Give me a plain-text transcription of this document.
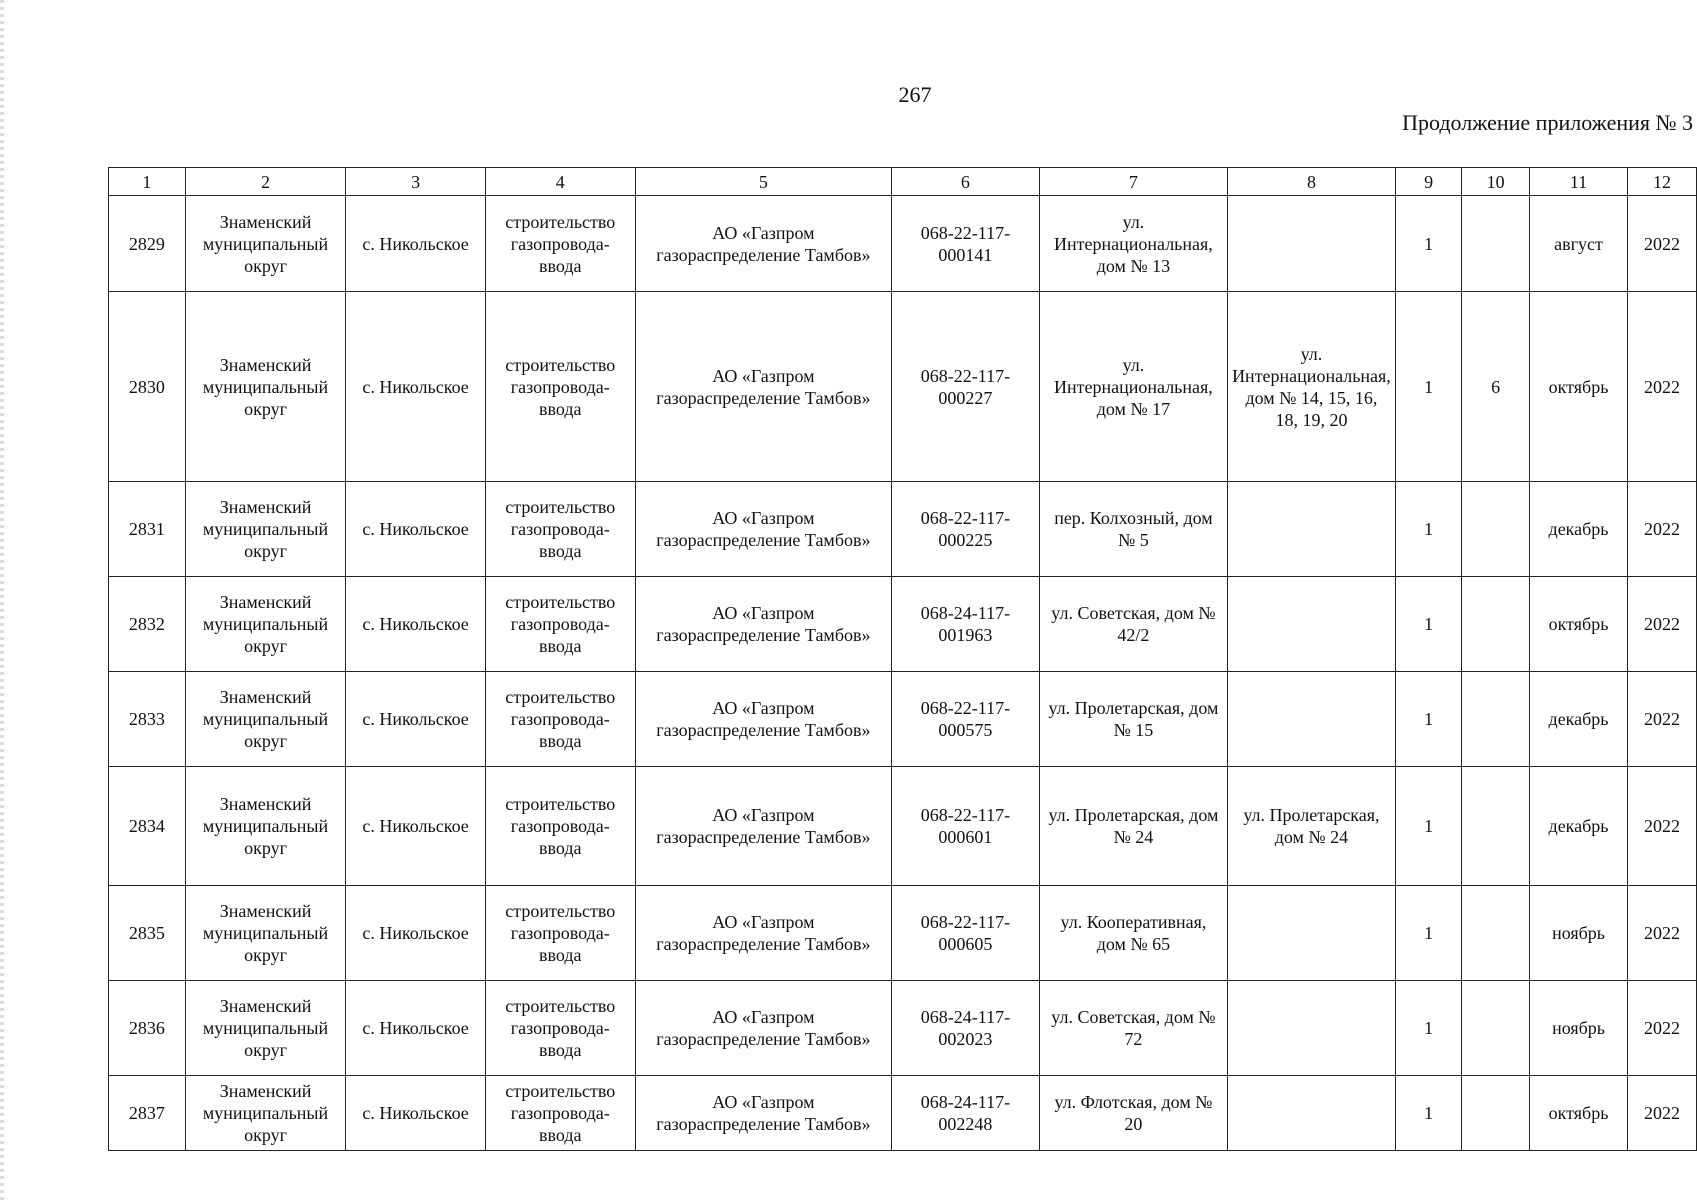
267
Продолжение приложения № 3
1	2	3	4	5	6	7	8	9	10	11	12
2829	Знаменский муниципальный округ	с. Никольское	строительство газопровода-ввода	АО «Газпром газораспределение Тамбов»	068-22-117-000141	ул. Интернациональная, дом № 13		1		август	2022
2830	Знаменский муниципальный округ	с. Никольское	строительство газопровода-ввода	АО «Газпром газораспределение Тамбов»	068-22-117-000227	ул. Интернациональная, дом № 17	ул. Интернациональная, дом № 14, 15, 16, 18, 19, 20	1	6	октябрь	2022
2831	Знаменский муниципальный округ	с. Никольское	строительство газопровода-ввода	АО «Газпром газораспределение Тамбов»	068-22-117-000225	пер. Колхозный, дом № 5		1		декабрь	2022
2832	Знаменский муниципальный округ	с. Никольское	строительство газопровода-ввода	АО «Газпром газораспределение Тамбов»	068-24-117-001963	ул. Советская, дом № 42/2		1		октябрь	2022
2833	Знаменский муниципальный округ	с. Никольское	строительство газопровода-ввода	АО «Газпром газораспределение Тамбов»	068-22-117-000575	ул. Пролетарская, дом № 15		1		декабрь	2022
2834	Знаменский муниципальный округ	с. Никольское	строительство газопровода-ввода	АО «Газпром газораспределение Тамбов»	068-22-117-000601	ул. Пролетарская, дом № 24	ул. Пролетарская, дом № 24	1		декабрь	2022
2835	Знаменский муниципальный округ	с. Никольское	строительство газопровода-ввода	АО «Газпром газораспределение Тамбов»	068-22-117-000605	ул. Кооперативная, дом № 65		1		ноябрь	2022
2836	Знаменский муниципальный округ	с. Никольское	строительство газопровода-ввода	АО «Газпром газораспределение Тамбов»	068-24-117-002023	ул. Советская, дом № 72		1		ноябрь	2022
2837	Знаменский муниципальный округ	с. Никольское	строительство газопровода-ввода	АО «Газпром газораспределение Тамбов»	068-24-117-002248	ул. Флотская, дом № 20		1		октябрь	2022
